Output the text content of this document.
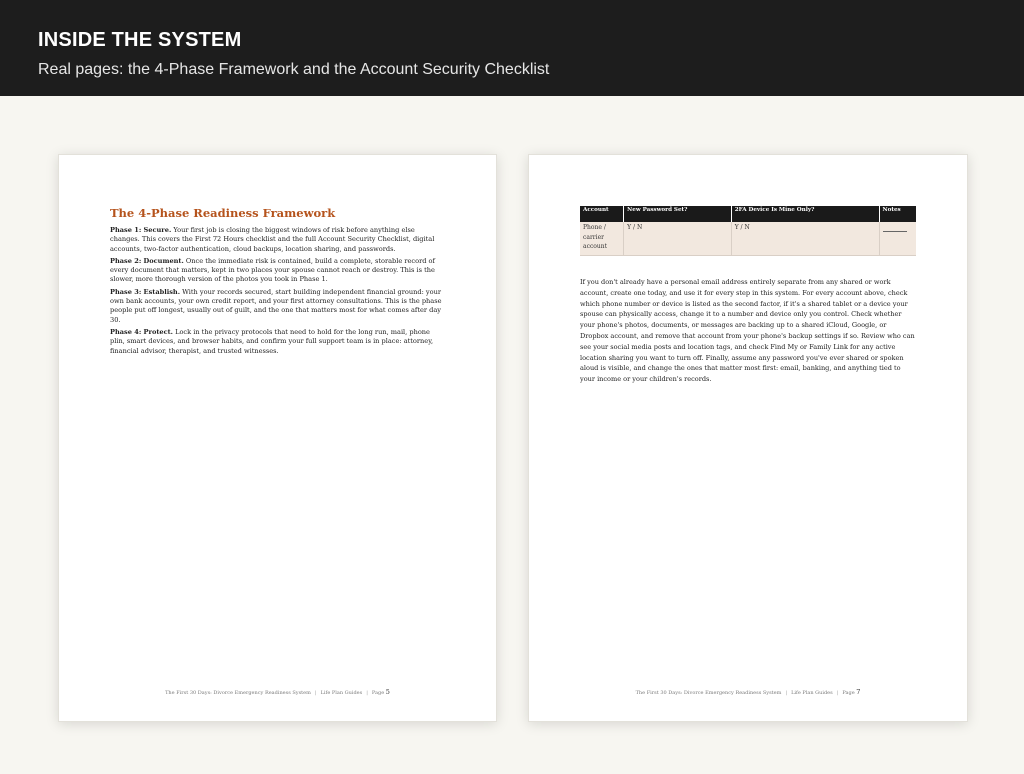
INSIDE THE SYSTEM
Real pages: the 4-Phase Framework and the Account Security Checklist
The 4-Phase Readiness Framework

Phase 1: Secure. Your first job is closing the biggest windows of risk before anything else changes. This covers the First 72 Hours checklist and the full Account Security Checklist, digital accounts, two-factor authentication, cloud backups, location sharing, and passwords.

Phase 2: Document. Once the immediate risk is contained, build a complete, storable record of every document that matters, kept in two places your spouse cannot reach or destroy. This is the slower, more thorough version of the photos you took in Phase 1.

Phase 3: Establish. With your records secured, start building independent financial ground: your own bank accounts, your own credit report, and your first attorney consultations. This is the phase people put off longest, usually out of guilt, and the one that matters most for what comes after day 30.

Phase 4: Protect. Lock in the privacy protocols that need to hold for the long run, mail, phone plin, smart devices, and browser habits, and confirm your full support team is in place: attorney, financial advisor, therapist, and trusted witnesses.

The First 30 Days: Divorce Emergency Readiness System | Life Plan Guides | Page 5
Account	New Password Set?	2FA Device Is Mine Only?	Notes
Phone / carrier account	Y / N	Y / N	

If you don't already have a personal email address entirely separate from any shared or work account, create one today, and use it for every step in this system. For every account above, check which phone number or device is listed as the second factor, if it's a shared tablet or a device your spouse can physically access, change it to a number and device only you control. Check whether your phone's photos, documents, or messages are backing up to a shared iCloud, Google, or Dropbox account, and remove that account from your phone's backup settings if so. Review who can see your social media posts and location tags, and check Find My or Family Link for any active location sharing you want to turn off. Finally, assume any password you've ever shared or spoken aloud is visible, and change the ones that matter most first: email, banking, and anything tied to your income or your children's records.

The First 30 Days: Divorce Emergency Readiness System | Life Plan Guides | Page 7
